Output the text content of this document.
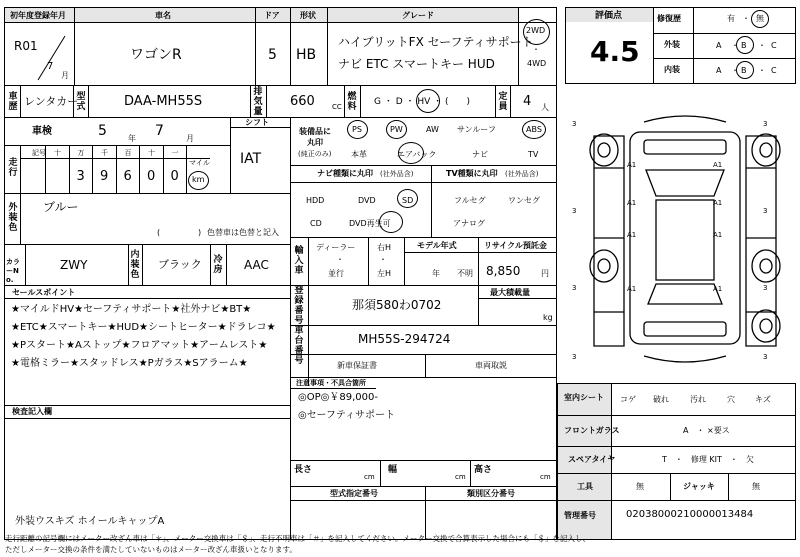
初年度登録年月
R01
7
月
車名
ワゴンR
ドア
5
形状
HB
グレード
ハイブリットFX セーフティサポート
ナビ ETC スマートキー HUD
2WD
・
4WD
車歴 レンタカー
型式	DAA-MH55S
排気量
660 CC
燃料 G ・ D ・ HV ・ (　　)	定員 4 人
車検	5	年 7	月
シフト
IAT
走行
記号 十 万
3
千
9
百
6
十
0
一
0
マイル
km
外装色
ブルー
(	) 色替車は色替と記入
カラーNo.
ZWY
内装色
ブラック 冷房 AAC
セールスポイント
★マイルドHV★セーフティサポート★社外ナビ★BT★
★ETC★スマートキー★HUD★シートヒーター★ドラレコ★
★Pスタート★Aストップ★フロアマット★アームレスト★
★電格ミラー★スタッドレス★Pガラス★Sアラーム★
検査記入欄
外装ウスキズ ホイールキャップA
装備品に
丸印
(純正のみ)
PS	PW	AW サンルーフ	ABS
本革	エアバック	ナビ	TV
ナビ種類に丸印 (社外品含)
HDD	DVD	SD
CD	DVD再生可
TV種類に丸印 (社外品含)
フルセグ	ワンセグ
アナログ
輸入車
ディーラー
・
並行
右H
・
左H
モデル年式
年 不明
リサイクル預託金
8,850	円
登録番号
那須580わ0702
最大積載量
kg
車台番号
MH55S-294724
新車保証書	車両取説
注意事項・不具合箇所
◎OP◎￥89,000-
◎セーフティサポート
長さ
cm
幅
cm
高さ
cm
型式指定番号	類別区分番号
評価点
4.5
修復歴	有 ・ 無
外装	A ・ B ・ C
内装	A ・ B ・ C
A1	A1
A1	A1
A1	A1
A1	A1
3	3
3	3
3	3
3	3
室内シート コゲ 破れ	汚れ	穴	キズ
フロントガラス	A　・ ×要ス
スペアタイヤ	T　・　修理 KIT　・　欠
工具	無	ジャッキ	無
管理番号	02038000210000013484
走行距離の記号欄にはメーター改ざん車は「＊」、メーター交換車は「＄」、走行不明車は「＃」を記入してください。メーター交換で合算表示した場合にも「＄」を記入し、
ただしメーター交換の条件を満たしていないものはメーター改ざん車扱いとなります。
